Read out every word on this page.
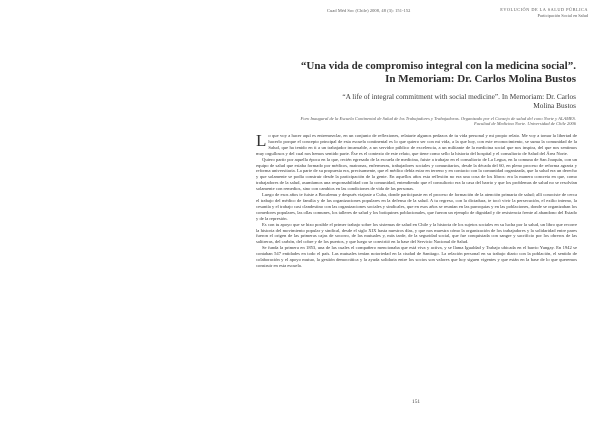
Cuad Méd Soc (Chile) 2008, 48 (3): 151-152	EVOLUCIÓN DE LA SALUD PÚBLICA
Participación Social en Salud
“Una vida de compromiso integral con la medicina social”. In Memoriam: Dr. Carlos Molina Bustos
“A life of integral commitment with social medicine”. In Memoriam: Dr. Carlos Molina Bustos
Foro Inaugural de la Escuela Continental de Salud de los Trabajadores y Trabajadoras. Organizado por el Consejo de salud del cono Norte y ALAMES. Facultad de Medicina Norte. Universidad de Chile 2006

Lo que voy a hacer aquí es entremezclar, en un conjunto de reflexiones, relatarte algunos pedazos de tu vida personal y mi propio relato. Me voy a tomar la libertad de hacerlo porque el concepto principal de esta escuela continental es lo que quiero ser con mi vida, a la que hoy, con este reconocimiento, se suma la comunidad de la Salud, que ha tenido en ti a un trabajador incansable, a un servidor público de excelencia, a un militante de la medicina social que nos inspira, del que nos sentimos muy orgullosos y del cual nos hemos sentido parte. Ése es el contexto de este relato, que tiene como sello la historia del hospital y el consultorio de Salud del Área Norte.

Quiero partir por aquella época en la que, recién egresado de la escuela de medicina, fuiste a trabajar en el consultorio de La Legua, en la comuna de San Joaquín, con un equipo de salud que estaba formado por médicos, matronas, enfermeras, trabajadores sociales y comunitarios, desde la década del 60, en pleno proceso de reforma agraria y reforma universitaria. La parte de su propuesta era, precisamente, que el médico debía estar en terreno y en contacto con la comunidad organizada, que la salud era un derecho y que solamente se podía construir desde la participación de la gente. En aquellos años esta reflexión no era una cosa de los libros: era la manera concreta en que, como trabajadores de la salud, asumíamos una responsabilidad con la comunidad, entendiendo que el consultorio era la casa del barrio y que los problemas de salud no se resolvían solamente con remedios, sino con cambios en las condiciones de vida de las personas.

Luego de esos años te fuiste a Bocalemu y después viajaste a Cuba, donde participaste en el proceso de formación de la atención primaria de salud; allí conociste de cerca el trabajo del médico de familia y de las organizaciones populares en la defensa de la salud. A tu regreso, con la dictadura, te tocó vivir la persecución, el exilio interno, la cesantía y el trabajo casi clandestino con las organizaciones sociales y sindicales, que en esos años se reunían en las parroquias y en las poblaciones, donde se organizaban los comedores populares, las ollas comunes, los talleres de salud y los botiquines poblacionales, que fueron un ejemplo de dignidad y de resistencia frente al abandono del Estado y de la represión.

Es con tu apoyo que se hizo posible el primer trabajo sobre los sistemas de salud en Chile y la historia de los sujetos sociales en su lucha por la salud, un libro que recorre la historia del movimiento popular y sindical, desde el siglo XIX hasta nuestros días, y que nos muestra cómo la organización de los trabajadores y la solidaridad entre pares fueron el origen de las primeras cajas de socorro, de las mutuales y, más tarde, de la seguridad social, que fue conquistada con sangre y sacrificio por los obreros de las salitreras, del carbón, del cobre y de los puertos, y que luego se convirtió en la base del Servicio Nacional de Salud.

Se funda la primera en 1853, una de las cuales el compañero mencionaba que está viva y activa, y se llama Igualdad y Trabajo ubicada en el barrio Yungay. En 1942 se contaban 547 entidades en todo el país. Las mutuales tenían notoriedad en la ciudad de Santiago. La relación personal en su trabajo diario con la población, el sentido de colaboración y el apoyo mutuo, la gestión democrática y la ayuda solidaria entre los socios son valores que hoy siguen vigentes y que están en la base de lo que queremos construir en esta escuela.

151
